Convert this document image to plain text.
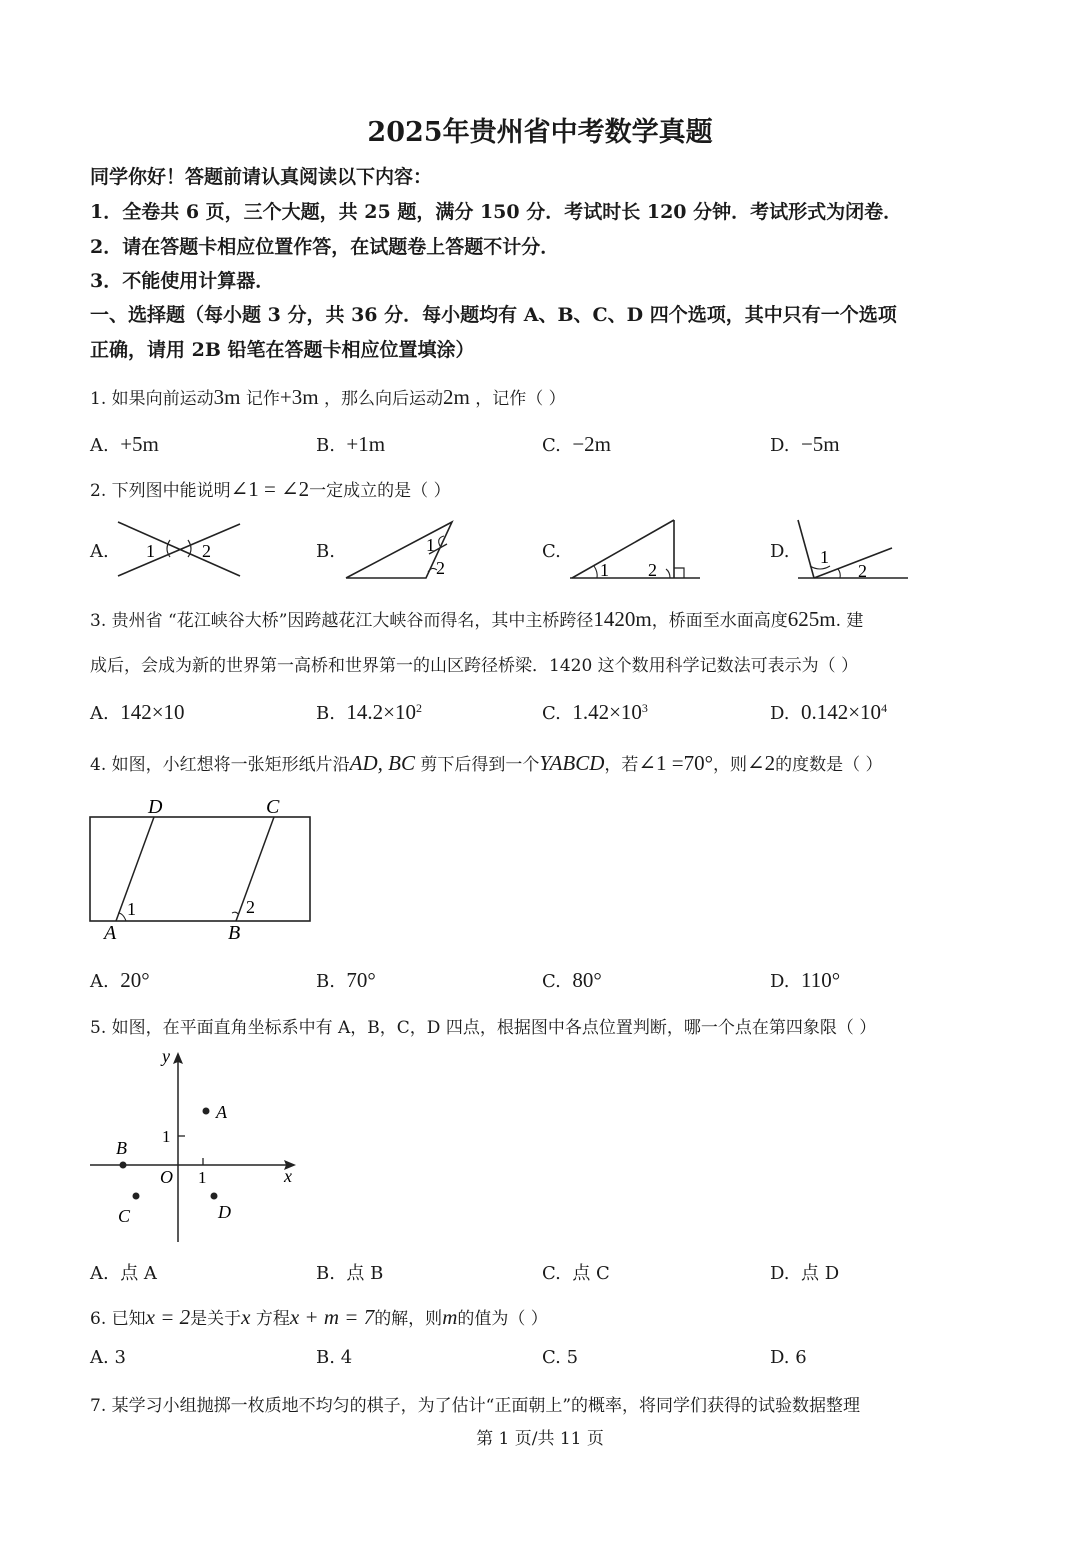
2025年贵州省中考数学真题
同学你好！答题前请认真阅读以下内容：
1．全卷共 6 页，三个大题，共 25 题，满分 150 分．考试时长 120 分钟．考试形式为闭卷．
2．请在答题卡相应位置作答，在试题卷上答题不计分．
3．不能使用计算器．
一、选择题（每小题 3 分，共 36 分．每小题均有 A、B、C、D 四个选项，其中只有一个选项
正确，请用 2B 铅笔在答题卡相应位置填涂）
1. 如果向前运动3m 记作+3m ，那么向后运动2m ，记作（ ）
A. +5m	B. +1m	C. −2m	D. −5m
2. 下列图中能说明∠1 = ∠2一定成立的是（ ）
A.	B.	C.	D.
1	2	1
2	1 2
1
2
3. 贵州省 “花江峡谷大桥”因跨越花江大峡谷而得名，其中主桥跨径1420m，桥面至水面高度625m. 建
成后，会成为新的世界第一高桥和世界第一的山区跨径桥梁．1420 这个数用科学记数法可表示为（ ）
A. 142×10	B. $14.2\times 10^2$	C. $1.42\times 10^3$	D. $0.142\times 10^4$
4. 如图，小红想将一张矩形纸片沿AD, BC 剪下后得到一个YABCD，若∠1 =70°，则∠2的度数是（ ）
D	C
A	B
1	2
A. 20°	B. 70°	C. 80°	D. 110°
5. 如图，在平面直角坐标系中有 A，B，C，D 四点，根据图中各点位置判断，哪一个点在第四象限（ ）
y
x
O 1
1
A
B
C	D
A. 点 A	B. 点 B	C. 点 C	D. 点 D
6. 已知x = 2是关于x 方程x + m = 7的解，则m的值为（ ）
A. 3	B. 4	C. 5	D. 6
7. 某学习小组抛掷一枚质地不均匀的棋子，为了估计“正面朝上”的概率，将同学们获得的试验数据整理
第 1 页/共 11 页
